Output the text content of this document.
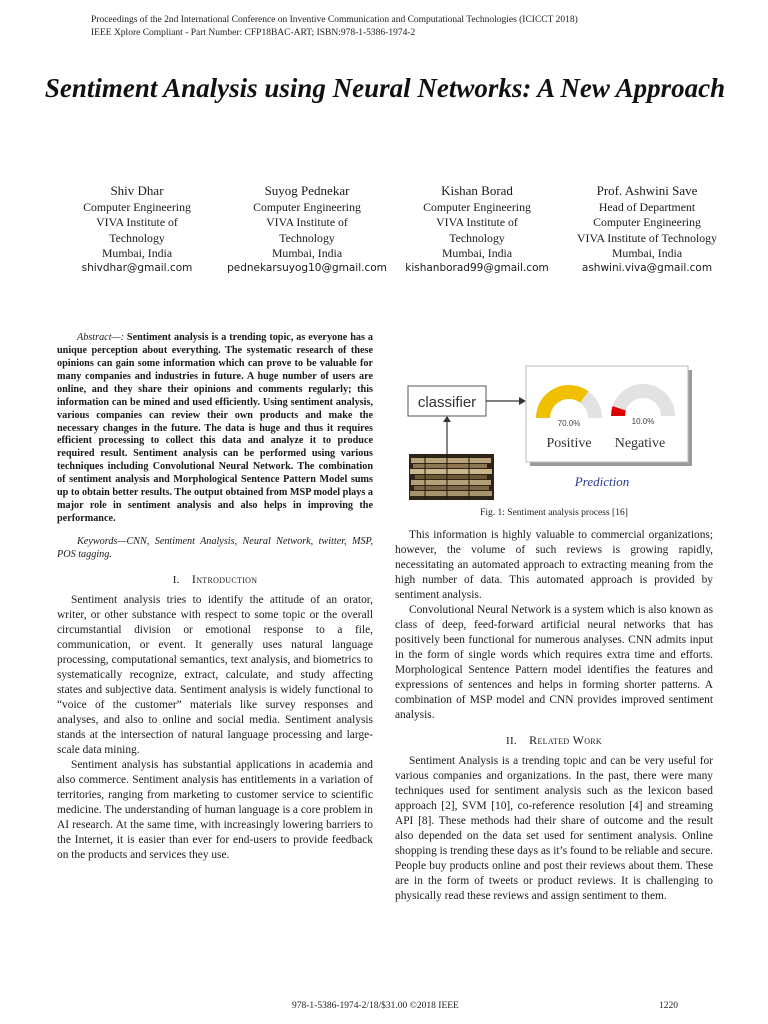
Proceedings of the 2nd International Conference on Inventive Communication and Computational Technologies (ICICCT 2018)
IEEE Xplore Compliant - Part Number: CFP18BAC-ART; ISBN:978-1-5386-1974-2
Sentiment Analysis using Neural Networks: A New Approach
Shiv Dhar
Computer Engineering
VIVA Institute of
Technology
Mumbai, India
shivdhar@gmail.com
Suyog Pednekar
Computer Engineering
VIVA Institute of
Technology
Mumbai, India
pednekarsuyog10@gmail.com
Kishan Borad
Computer Engineering
VIVA Institute of
Technology
Mumbai, India
kishanborad99@gmail.com
Prof. Ashwini Save
Head of Department
Computer Engineering
VIVA Institute of Technology
Mumbai, India
ashwini.viva@gmail.com

Abstract—: Sentiment analysis is a trending topic, as everyone has a unique perception about everything. The systematic research of these opinions can gain some information which can prove to be valuable for many companies and industries in future. A huge number of users are online, and they share their opinions and comments regularly; this information can be mined and used efficiently. Using sentiment analysis, various companies can review their own products and make the necessary changes in the future. The data is huge and thus it requires efficient processing to collect this data and analyze it to produce required result. Sentiment analysis can be performed using various techniques including Convolutional Neural Network. The combination of sentiment analysis and Morphological Sentence Pattern Model sums up to obtain better results. The output obtained from MSP model plays a major role in sentiment analysis and also helps in improving the performance.

Keywords—CNN, Sentiment Analysis, Neural Network, twitter, MSP, POS tagging.

I. Introduction

Sentiment analysis tries to identify the attitude of an orator, writer, or other substance with respect to some topic or the overall circumstantial division or emotional response to a file, communication, or event. It generally uses natural language processing, computational semantics, text analysis, and biometrics to systematically recognize, extract, calculate, and study affecting states and subjective data. Sentiment analysis is widely functional to “voice of the customer” materials like survey responses and analyses, and also to online and social media. Sentiment analysis stands at the intersection of natural language processing and large-scale data mining.

Sentiment analysis has substantial applications in academia and also commerce. Sentiment analysis has entitlements in a variation of territories, ranging from marketing to customer service to scientific medicine. The understanding of human language is a core problem in AI research. At the same time, with increasingly lowering barriers to the Internet, it is easier than ever for end-users to provide feedback on the products and services they use.

classifier
70.0%	10.0%
Positive Negative
Prediction
Fig. 1: Sentiment analysis process [16]

This information is highly valuable to commercial organizations; however, the volume of such reviews is growing rapidly, necessitating an automated approach to extracting meaning from the high number of data. This automated approach is provided by sentiment analysis.

Convolutional Neural Network is a system which is also known as class of deep, feed-forward artificial neural networks that has positively been functional for numerous analyses. CNN admits input in the form of single words which requires extra time and efforts. Morphological Sentence Pattern model identifies the features and expressions of sentences and helps in forming shorter patterns. A combination of MSP model and CNN provides improved sentiment analysis.

II. Related Work

Sentiment Analysis is a trending topic and can be very useful for various companies and organizations. In the past, there were many techniques used for sentiment analysis such as the lexicon based approach [2], SVM [10], co-reference resolution [4] and streaming API [8]. These methods had their share of outcome and the result also depended on the data set used for sentiment analysis. Online shopping is trending these days as it’s found to be reliable and secure. People buy products online and post their reviews about them. These are in the form of tweets or product reviews. It is challenging to physically read these reviews and assign sentiment to them.

978-1-5386-1974-2/18/$31.00 ©2018 IEEE	1220
